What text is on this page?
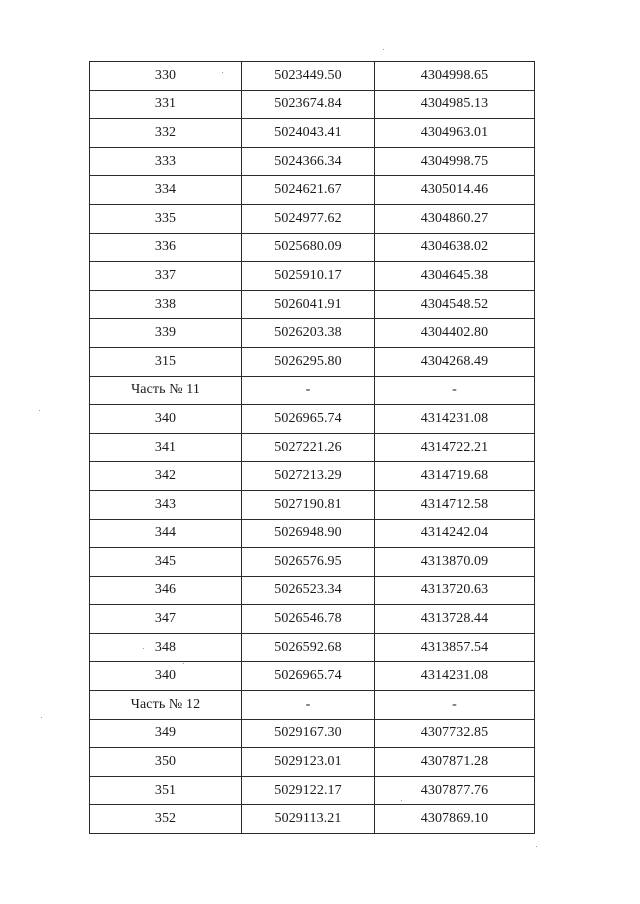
330	5023449.50	4304998.65
331	5023674.84	4304985.13
332	5024043.41	4304963.01
333	5024366.34	4304998.75
334	5024621.67	4305014.46
335	5024977.62	4304860.27
336	5025680.09	4304638.02
337	5025910.17	4304645.38
338	5026041.91	4304548.52
339	5026203.38	4304402.80
315	5026295.80	4304268.49
Часть № 11	-	-
340	5026965.74	4314231.08
341	5027221.26	4314722.21
342	5027213.29	4314719.68
343	5027190.81	4314712.58
344	5026948.90	4314242.04
345	5026576.95	4313870.09
346	5026523.34	4313720.63
347	5026546.78	4313728.44
348	5026592.68	4313857.54
340	5026965.74	4314231.08
Часть № 12	-	-
349	5029167.30	4307732.85
350	5029123.01	4307871.28
351	5029122.17	4307877.76
352	5029113.21	4307869.10
